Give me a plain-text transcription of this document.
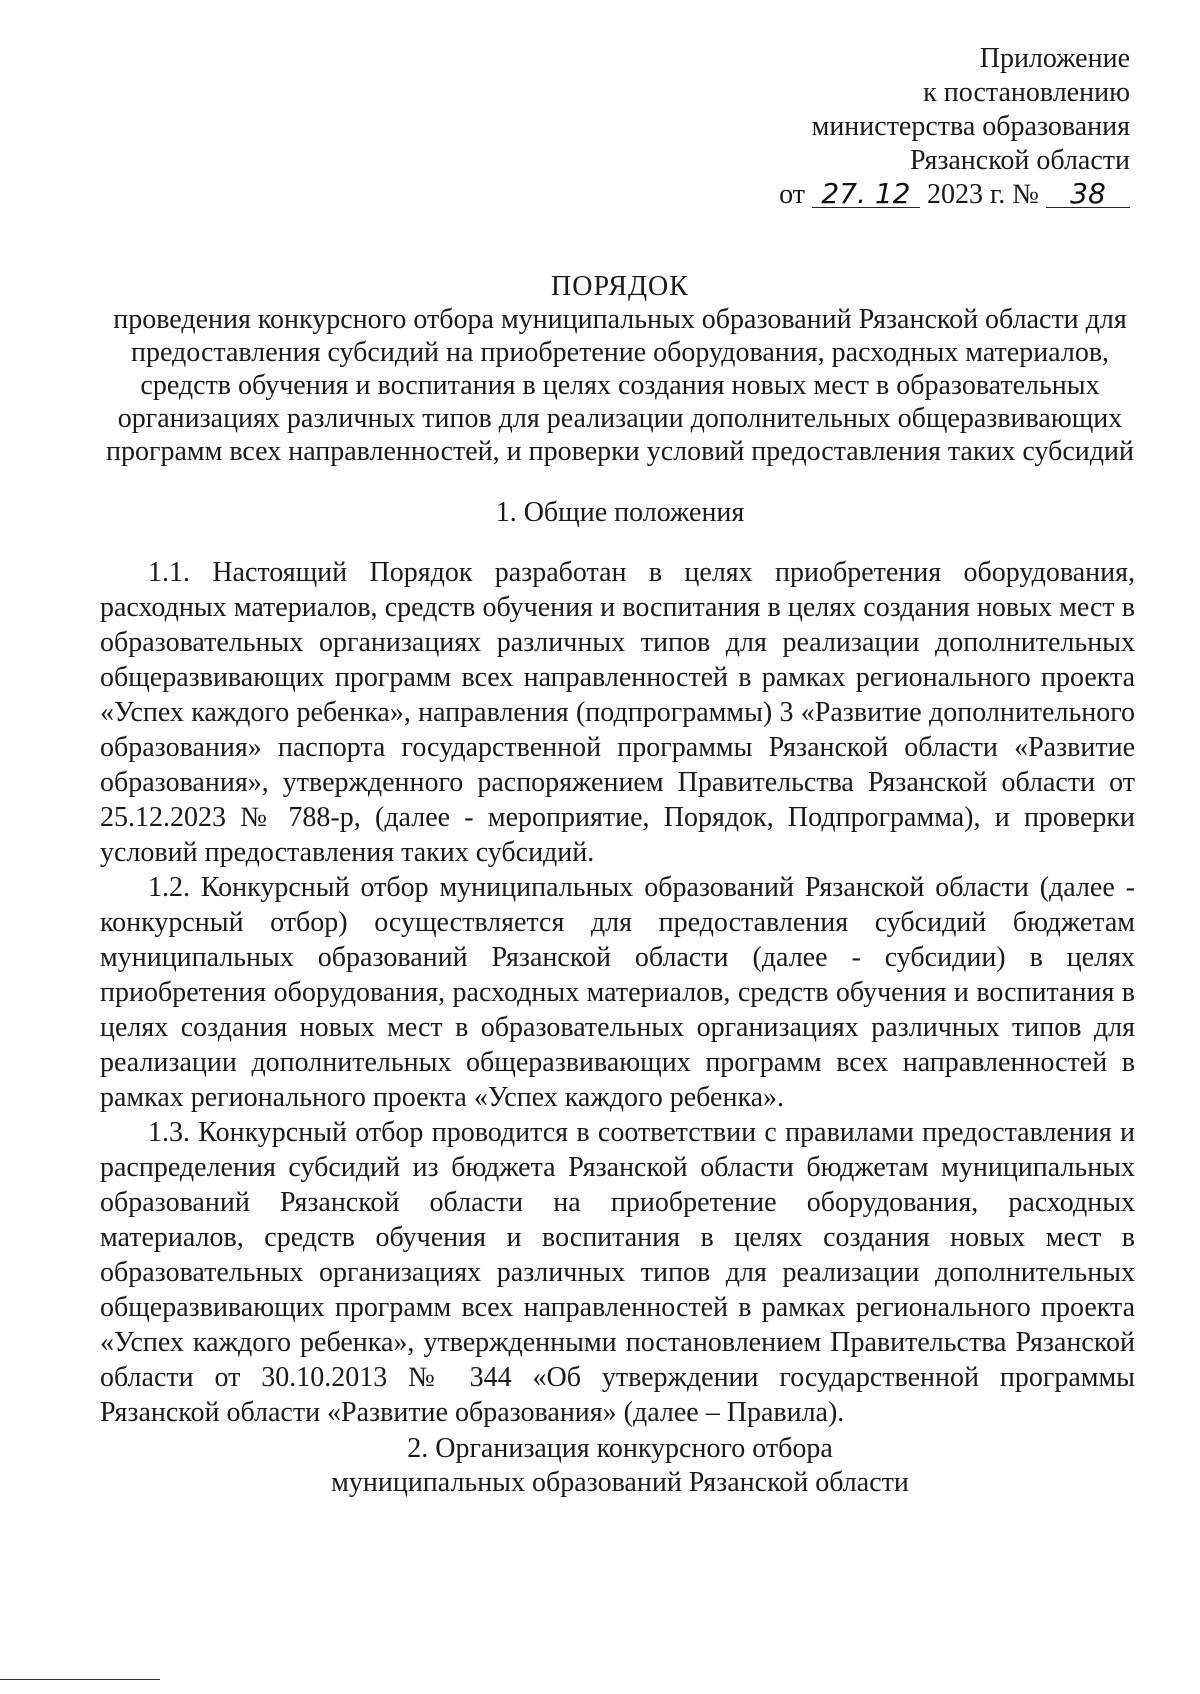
Приложение
к постановлению
министерства образования
Рязанской области
от 27. 12 2023 г. № 38
ПОРЯДОК
проведения конкурсного отбора муниципальных образований Рязанской области для предоставления субсидий на приобретение оборудования, расходных материалов, средств обучения и воспитания в целях создания новых мест в образовательных организациях различных типов для реализации дополнительных общеразвивающих программ всех направленностей, и проверки условий предоставления таких субсидий
1. Общие положения

1.1. Настоящий Порядок разработан в целях приобретения оборудования, расходных материалов, средств обучения и воспитания в целях создания новых мест в образовательных организациях различных типов для реализации дополнительных общеразвивающих программ всех направленностей в рамках регионального проекта «Успех каждого ребенка», направления (подпрограммы) 3 «Развитие дополнительного образования» паспорта государственной программы Рязанской области «Развитие образования», утвержденного распоряжением Правительства Рязанской области от 25.12.2023 № 788-р, (далее - мероприятие, Порядок, Подпрограмма), и проверки условий предоставления таких субсидий.

1.2. Конкурсный отбор муниципальных образований Рязанской области (далее - конкурсный отбор) осуществляется для предоставления субсидий бюджетам муниципальных образований Рязанской области (далее - субсидии) в целях приобретения оборудования, расходных материалов, средств обучения и воспитания в целях создания новых мест в образовательных организациях различных типов для реализации дополнительных общеразвивающих программ всех направленностей в рамках регионального проекта «Успех каждого ребенка».

1.3. Конкурсный отбор проводится в соответствии с правилами предоставления и распределения субсидий из бюджета Рязанской области бюджетам муниципальных образований Рязанской области на приобретение оборудования, расходных материалов, средств обучения и воспитания в целях создания новых мест в образовательных организациях различных типов для реализации дополнительных общеразвивающих программ всех направленностей в рамках регионального проекта «Успех каждого ребенка», утвержденными постановлением Правительства Рязанской области от 30.10.2013 № 344 «Об утверждении государственной программы Рязанской области «Развитие образования» (далее – Правила).

2. Организация конкурсного отбора
муниципальных образований Рязанской области
